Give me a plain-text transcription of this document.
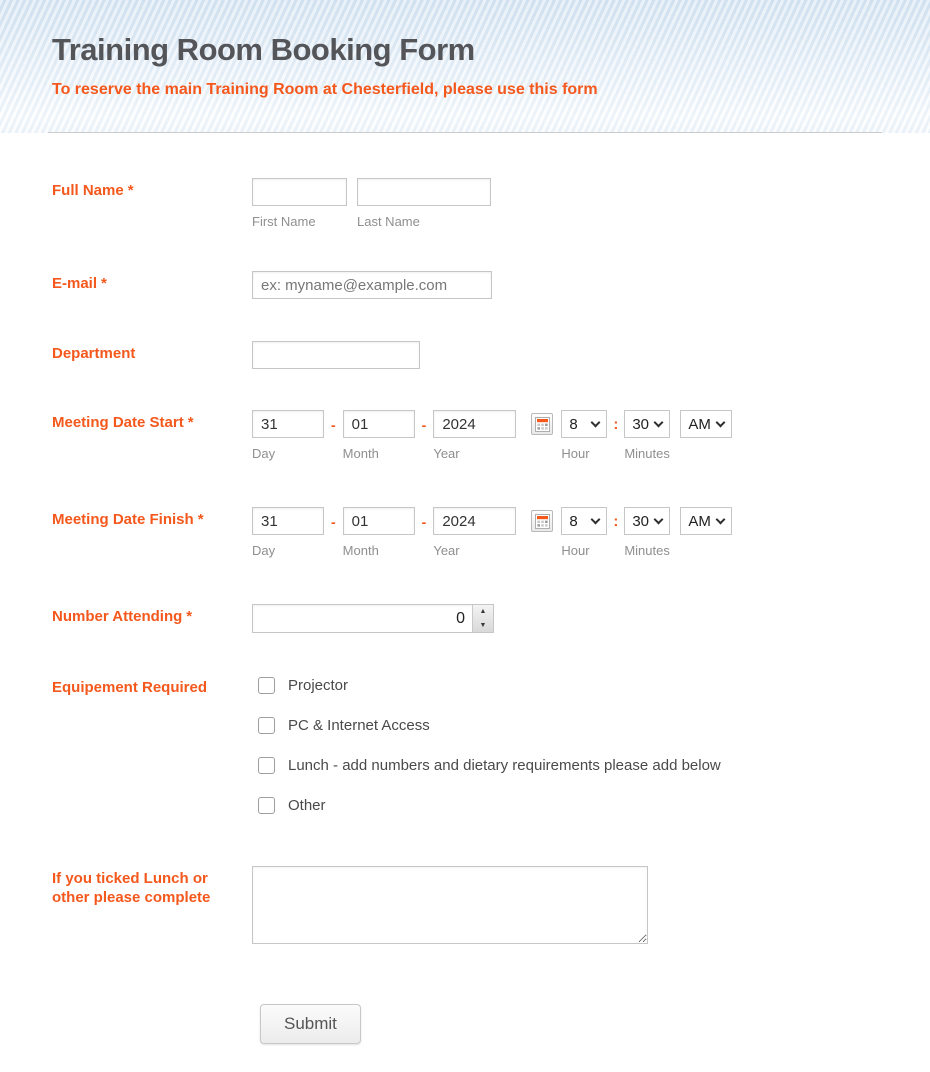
Training Room Booking Form
To reserve the main Training Room at Chesterfield, please use this form
Full Name *
First Name	Last Name
E-mail *
ex: myname@example.com
Department
Meeting Date Start *
31
Day
-
01
Month
-
2024
Year
8
Hour
: 30
Minutes
AM
Meeting Date Finish *
31
Day
-
01
Month
-
2024
Year
8
Hour
: 30
Minutes
AM
Number Attending *
0	▲
▼
Equipement Required	Projector
PC & Internet Access
Lunch - add numbers and dietary requirements please add below
Other
If you ticked Lunch or other please complete
Submit
